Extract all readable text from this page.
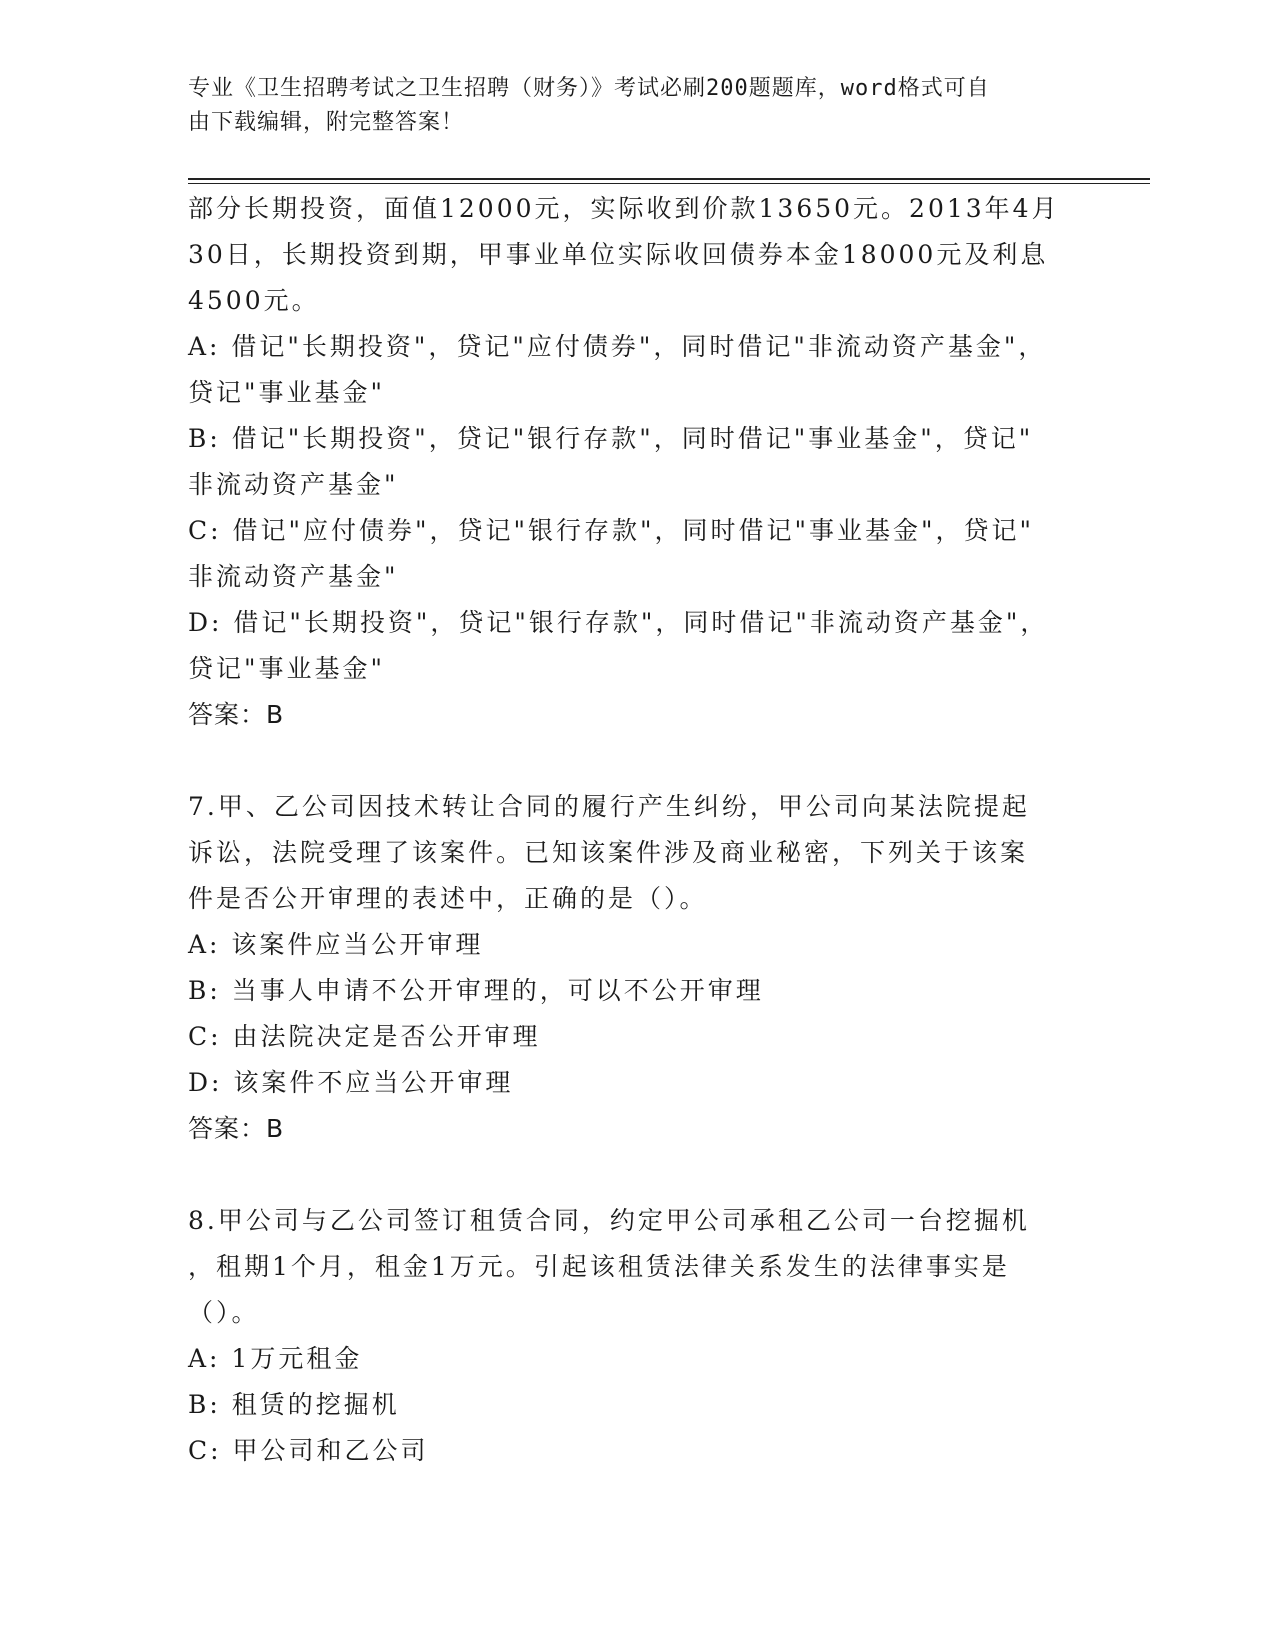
专业《卫生招聘考试之卫生招聘（财务）》考试必刷200题题库，word格式可自
由下载编辑，附完整答案！
部分长期投资，面值12000元，实际收到价款13650元。2013年4月
30日，长期投资到期，甲事业单位实际收回债券本金18000元及利息
4500元。
A: 借记"长期投资"，贷记"应付债券"，同时借记"非流动资产基金"，
贷记"事业基金"
B: 借记"长期投资"，贷记"银行存款"，同时借记"事业基金"，贷记"
非流动资产基金"
C: 借记"应付债券"，贷记"银行存款"，同时借记"事业基金"，贷记"
非流动资产基金"
D: 借记"长期投资"，贷记"银行存款"，同时借记"非流动资产基金"，
贷记"事业基金"
答案：B
7.甲、乙公司因技术转让合同的履行产生纠纷，甲公司向某法院提起
诉讼，法院受理了该案件。已知该案件涉及商业秘密，下列关于该案
件是否公开审理的表述中，正确的是（）。
A: 该案件应当公开审理
B: 当事人申请不公开审理的，可以不公开审理
C: 由法院决定是否公开审理
D: 该案件不应当公开审理
答案：B
8.甲公司与乙公司签订租赁合同，约定甲公司承租乙公司一台挖掘机
，租期1个月，租金1万元。引起该租赁法律关系发生的法律事实是
（）。
A: 1万元租金
B: 租赁的挖掘机
C: 甲公司和乙公司
